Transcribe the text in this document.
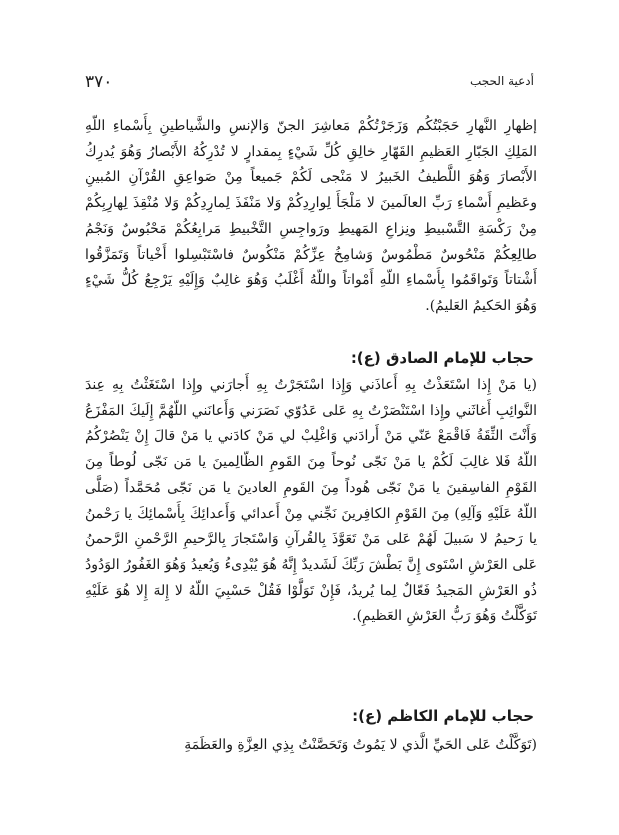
٣٧٠	أدعية الحجب
إظهارِ النَّهارِ حَجَبْتُكُم وَزَجَرْتُكُمْ مَعاشِرَ الجنّ وَالإنسِ والشَّياطينِ بِأَسْماءِ اللّهِ المَلِكِ الجَبّارِ العَظيمِ القَهّارِ خالِقِ كُلِّ شَيْءٍ بِمقدارٍ لا تُدْرِكُهُ الأَبْصارُ وَهُوَ يُدرِكُ الأَبْصارَ وَهُوَ اللَّطيفُ الخَبيرُ لا مَنْجى لَكُمْ جَميعاً مِنْ صَواعِقِ القُرْآنِ المُبينِ وعَظيمِ أَسْماءِ رَبِّ العالَمينَ لا مَلْجَأَ لِوارِدِكُمْ وَلا مَنْفَذَ لِمارِدِكُمْ وَلا مُنْقِذَ لِهارِبِكُمْ مِنْ رَكْسَةِ التَّسْبيطِ ونِزاعِ المَهيطِ ورَواجِسِ التَّخْبيطِ مَرابِعُكُمْ مَحْبُوسٌ وَنَجْمُ طالِعِكُمْ مَنْحُوسٌ مَطْمُوسٌ وَشامِخُ عِزِّكُمْ مَنْكُوسٌ فاسْتَبْسِلوا أَخْياتاً وَتَمَزَّقُوا أَشْتاتاً وَتَواقَمُوا بِأَسْماءِ اللّهِ أَمْواتاً واللّهُ أَغْلَبُ وَهُوَ غالِبٌ وَإِلَيْهِ يَرْجِعُ كُلُّ شَيْءٍ وَهُوَ الحَكيمُ العَليمُ).
حجاب للإمام الصادق (ع):
(يا مَنْ إِذا اسْتَعَذْتُ بِهِ أَعاذَني وَإِذا اسْتَجَرْتُ بِهِ أَجارَني وإِذا اسْتَغَثْتُ بِهِ عِندَ النَّوائِبِ أَغاثَني وإِذا اسْتَنْصَرْتُ بِهِ عَلى عَدُوّي نَصَرَني وَأَعانَني اللّهُمَّ إِلَيكَ المَفْزَعُ وَأَنْتَ الثِّقَةُ فَاقْمَعْ عَنّي مَنْ أَرادَني وَاغْلِبْ لي مَنْ كادَني يا مَنْ قالَ إِنْ يَنْصُرْكُمُ اللّهُ فَلا غالِبَ لَكُمْ يا مَنْ نَجّى نُوحاً مِنَ القَومِ الظّالِمينَ يا مَن نَجّى لُوطاً مِنَ القَوْمِ الفاسِقينَ يا مَنْ نَجّى هُوداً مِنَ القَومِ العادينَ يا مَن نَجّى مُحَمَّداً (صَلَّى اللّهُ عَلَيْهِ وَآلِهِ) مِنَ القَوْمِ الكافِرينَ نَجِّني مِنْ أَعدائي وَأَعدائِكَ بِأَسْمائِكَ يا رَحْمنُ يا رَحيمُ لا سَبيلَ لَهُمْ عَلى مَنْ تَعَوَّذَ بِالقُرآنِ وَاسْتَجارَ بِالرَّحيمِ الرَّحْمنِ الرَّحمنُ عَلى العَرْشِ اسْتَوى إِنَّ بَطْشَ رَبِّكَ لَشَديدٌ إِنَّهُ هُوَ يُبْدِىءُ وَيُعيدُ وَهُوَ الغَفُورُ الوَدُودُ ذُو العَرْشِ المَجيدُ فَعّالٌ لِما يُريدُ، فَإِنْ تَوَلَّوْا فَقُلْ حَسْبِيَ اللّهُ لا إِلهَ إِلا هُوَ عَلَيْهِ تَوَكَّلْتُ وَهُوَ رَبُّ العَرْشِ العَظيمِ).
حجاب للإمام الكاظم (ع):
(تَوَكَّلْتُ عَلى الحَيِّ الَّذي لا يَمُوتُ وَتَحَصَّنْتُ بِذِي العِزَّةِ والعَظَمَةِ
